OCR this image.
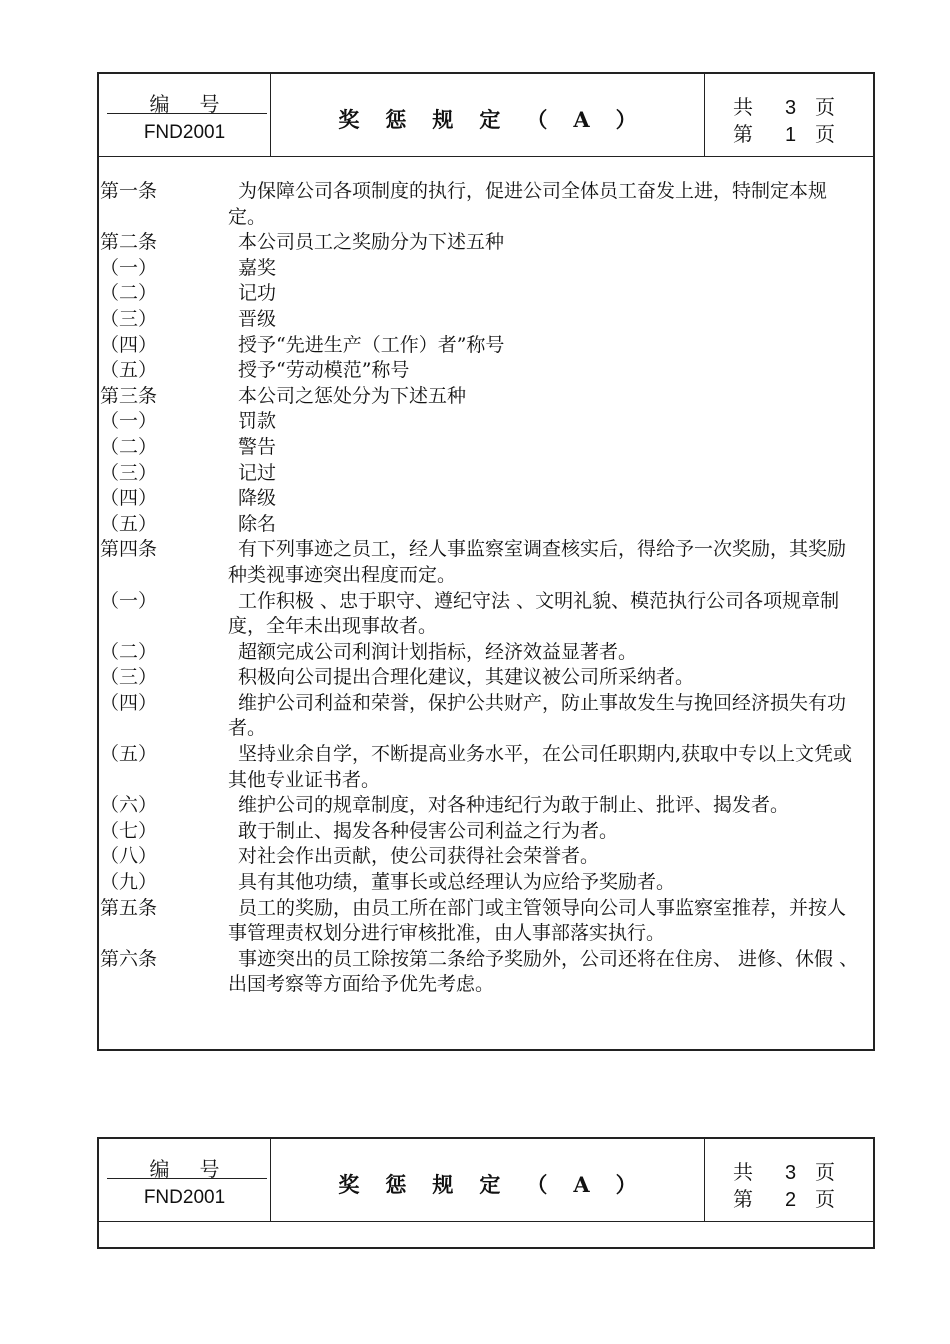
编号
FND2001
奖惩规定（A）	共 3 页
第 1 页
第一条	为保障公司各项制度的执行，促进公司全体员工奋发上进，特制定本规定。
第二条	本公司员工之奖励分为下述五种
（一）	嘉奖
（二）	记功
（三）	晋级
（四）	授予“先进生产（工作）者”称号
（五）	授予“劳动模范”称号
第三条	本公司之惩处分为下述五种
（一）	罚款
（二）	警告
（三）	记过
（四）	降级
（五）	除名
第四条	有下列事迹之员工，经人事监察室调查核实后，得给予一次奖励，其奖励种类视事迹突出程度而定。
（一）	工作积极 、忠于职守、遵纪守法 、文明礼貌、模范执行公司各项规章制度，全年未出现事故者。
（二）	超额完成公司利润计划指标，经济效益显著者。
（三）	积极向公司提出合理化建议，其建议被公司所采纳者。
（四）	维护公司利益和荣誉，保护公共财产，防止事故发生与挽回经济损失有功者。
（五）	坚持业余自学，不断提高业务水平，在公司任职期内,获取中专以上文凭或其他专业证书者。
（六）	维护公司的规章制度，对各种违纪行为敢于制止、批评、揭发者。
（七）	敢于制止、揭发各种侵害公司利益之行为者。
（八）	对社会作出贡献，使公司获得社会荣誉者。
（九）	具有其他功绩，董事长或总经理认为应给予奖励者。
第五条	员工的奖励，由员工所在部门或主管领导向公司人事监察室推荐，并按人事管理责权划分进行审核批准，由人事部落实执行。
第六条	事迹突出的员工除按第二条给予奖励外，公司还将在住房、 进修、休假 、出国考察等方面给予优先考虑。
编号
FND2001
奖惩规定（A）	共 3 页
第 2 页
